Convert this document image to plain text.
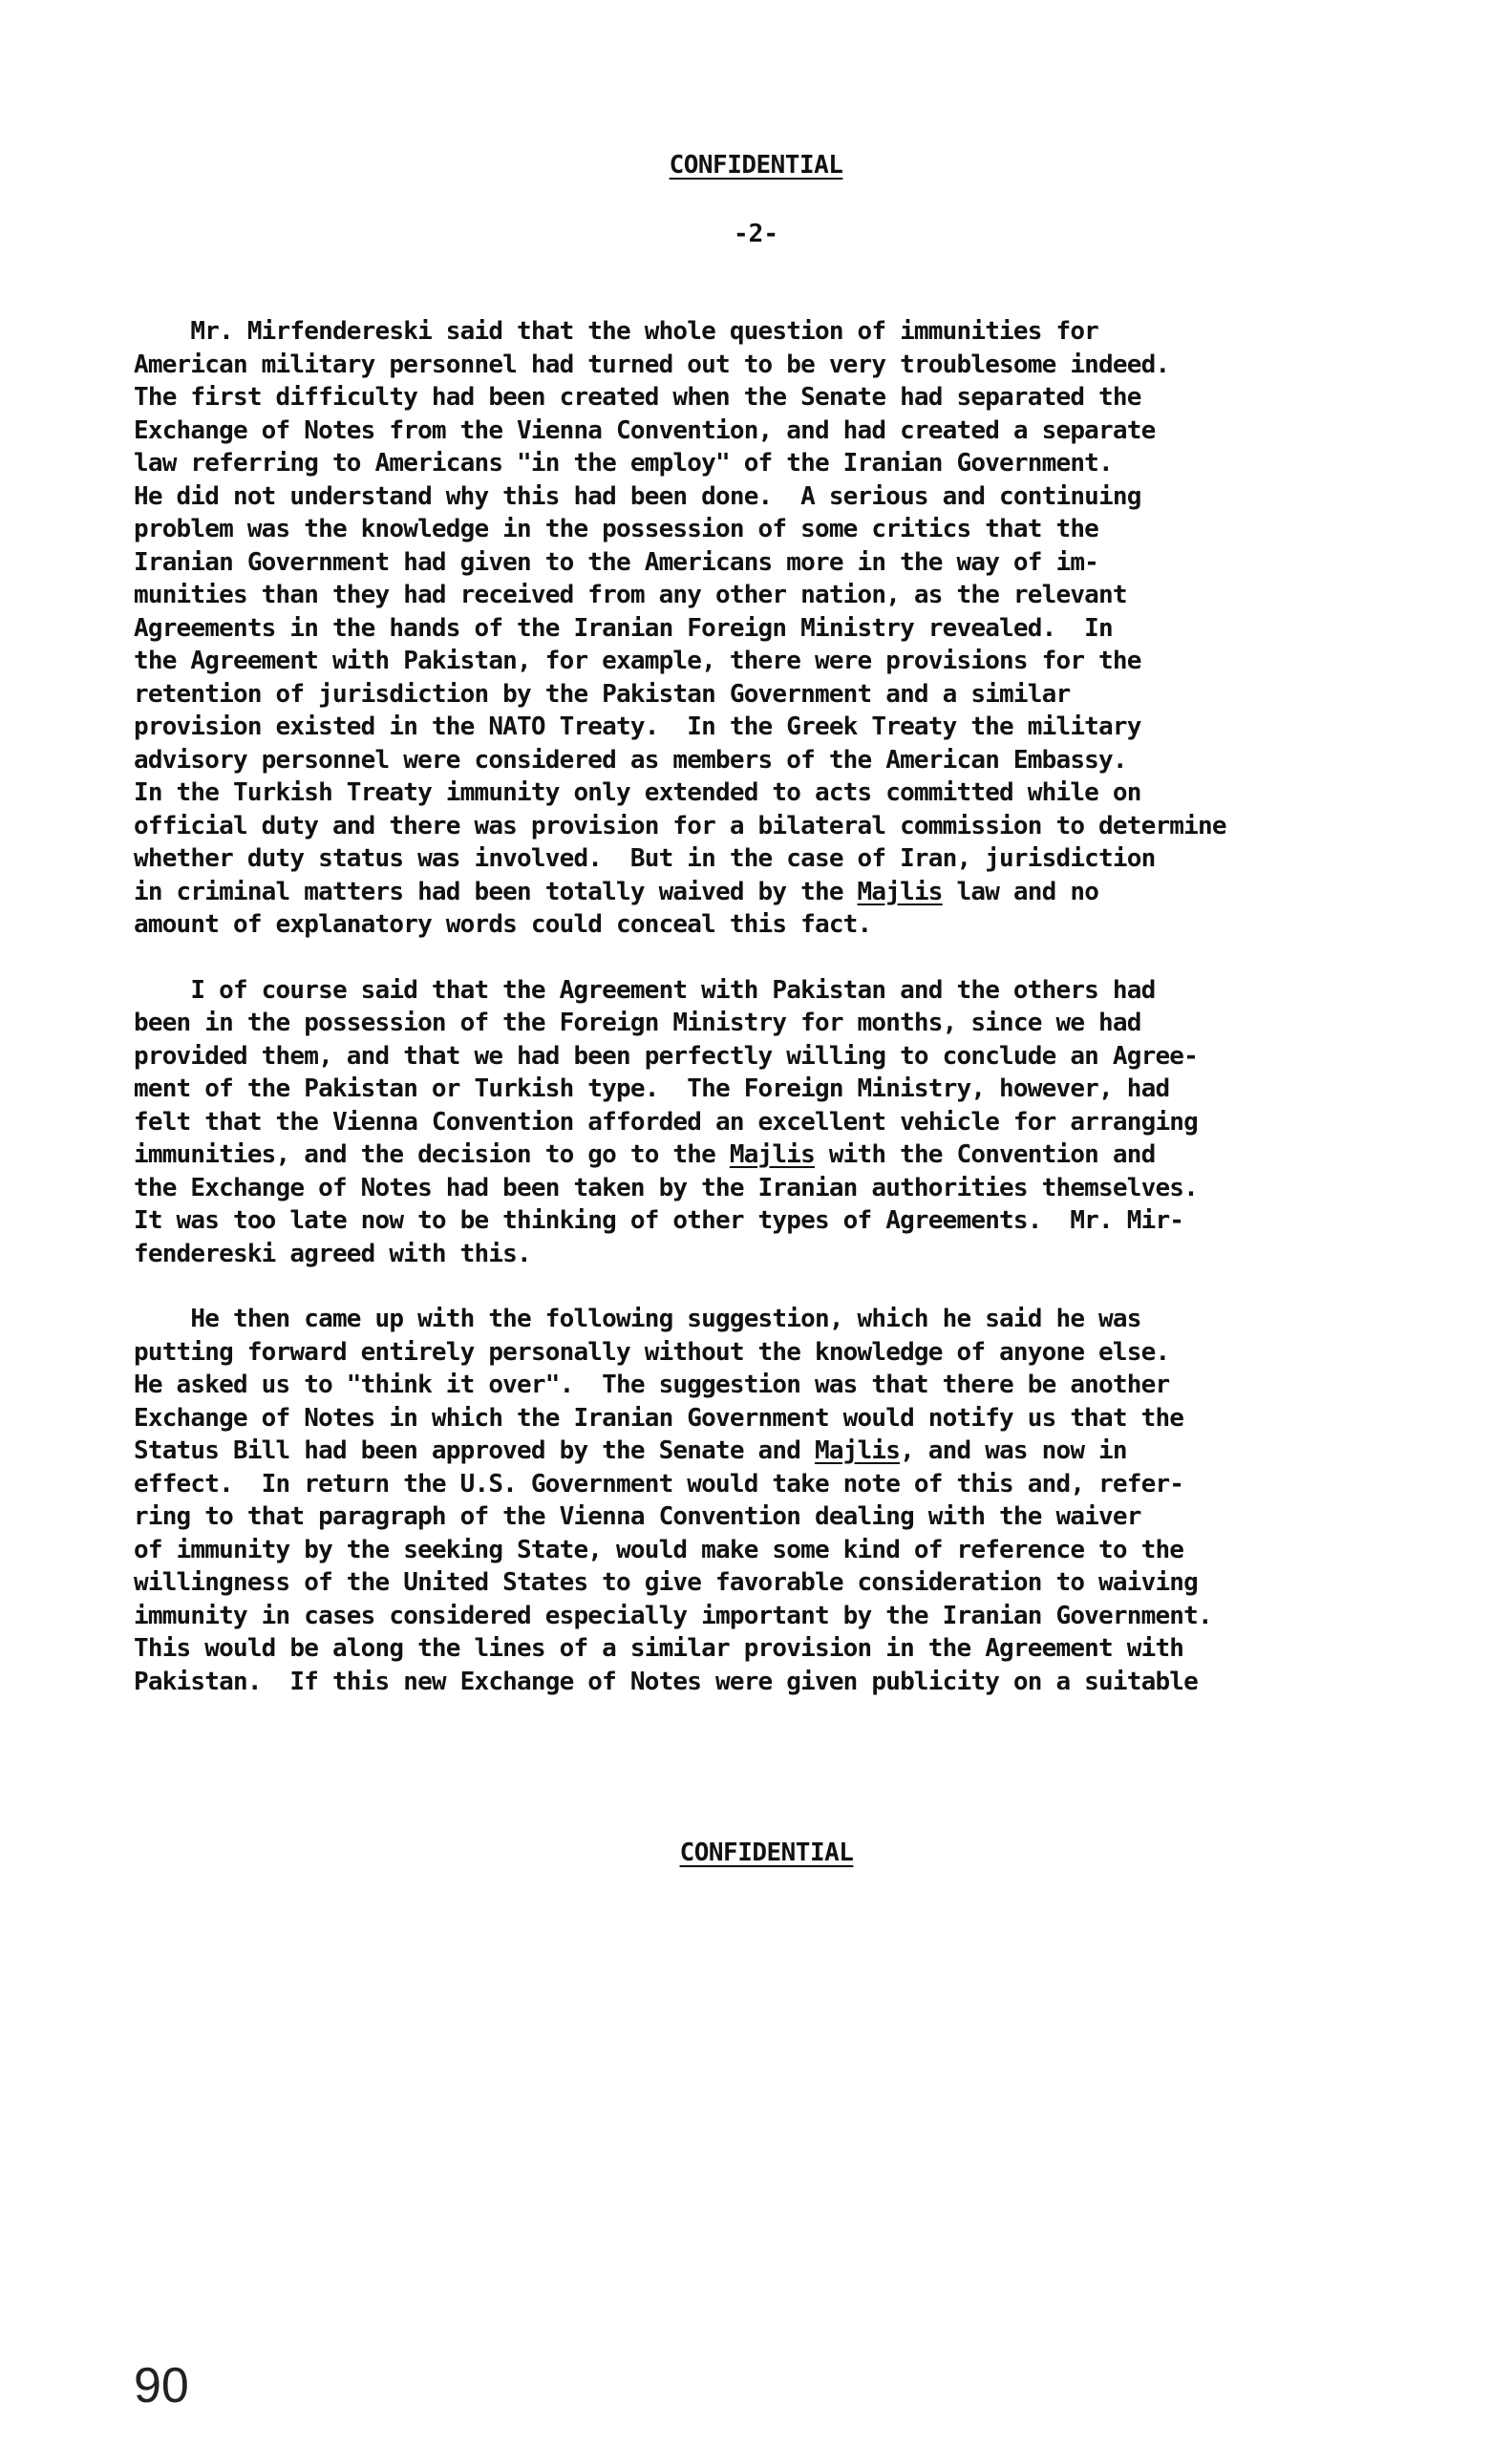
CONFIDENTIAL
-2-
Mr. Mirfendereski said that the whole question of immunities for
American military personnel had turned out to be very troublesome indeed.
The first difficulty had been created when the Senate had separated the
Exchange of Notes from the Vienna Convention, and had created a separate
law referring to Americans "in the employ" of the Iranian Government.
He did not understand why this had been done.  A serious and continuing
problem was the knowledge in the possession of some critics that the
Iranian Government had given to the Americans more in the way of im-
munities than they had received from any other nation, as the relevant
Agreements in the hands of the Iranian Foreign Ministry revealed.  In
the Agreement with Pakistan, for example, there were provisions for the
retention of jurisdiction by the Pakistan Government and a similar
provision existed in the NATO Treaty.  In the Greek Treaty the military
advisory personnel were considered as members of the American Embassy.
In the Turkish Treaty immunity only extended to acts committed while on
official duty and there was provision for a bilateral commission to determine
whether duty status was involved.  But in the case of Iran, jurisdiction
in criminal matters had been totally waived by the Majlis law and no
amount of explanatory words could conceal this fact.
I of course said that the Agreement with Pakistan and the others had
been in the possession of the Foreign Ministry for months, since we had
provided them, and that we had been perfectly willing to conclude an Agree-
ment of the Pakistan or Turkish type.  The Foreign Ministry, however, had
felt that the Vienna Convention afforded an excellent vehicle for arranging
immunities, and the decision to go to the Majlis with the Convention and
the Exchange of Notes had been taken by the Iranian authorities themselves.
It was too late now to be thinking of other types of Agreements.  Mr. Mir-
fendereski agreed with this.
He then came up with the following suggestion, which he said he was
putting forward entirely personally without the knowledge of anyone else.
He asked us to "think it over".  The suggestion was that there be another
Exchange of Notes in which the Iranian Government would notify us that the
Status Bill had been approved by the Senate and Majlis, and was now in
effect.  In return the U.S. Government would take note of this and, refer-
ring to that paragraph of the Vienna Convention dealing with the waiver
of immunity by the seeking State, would make some kind of reference to the
willingness of the United States to give favorable consideration to waiving
immunity in cases considered especially important by the Iranian Government.
This would be along the lines of a similar provision in the Agreement with
Pakistan.  If this new Exchange of Notes were given publicity on a suitable
CONFIDENTIAL
90
